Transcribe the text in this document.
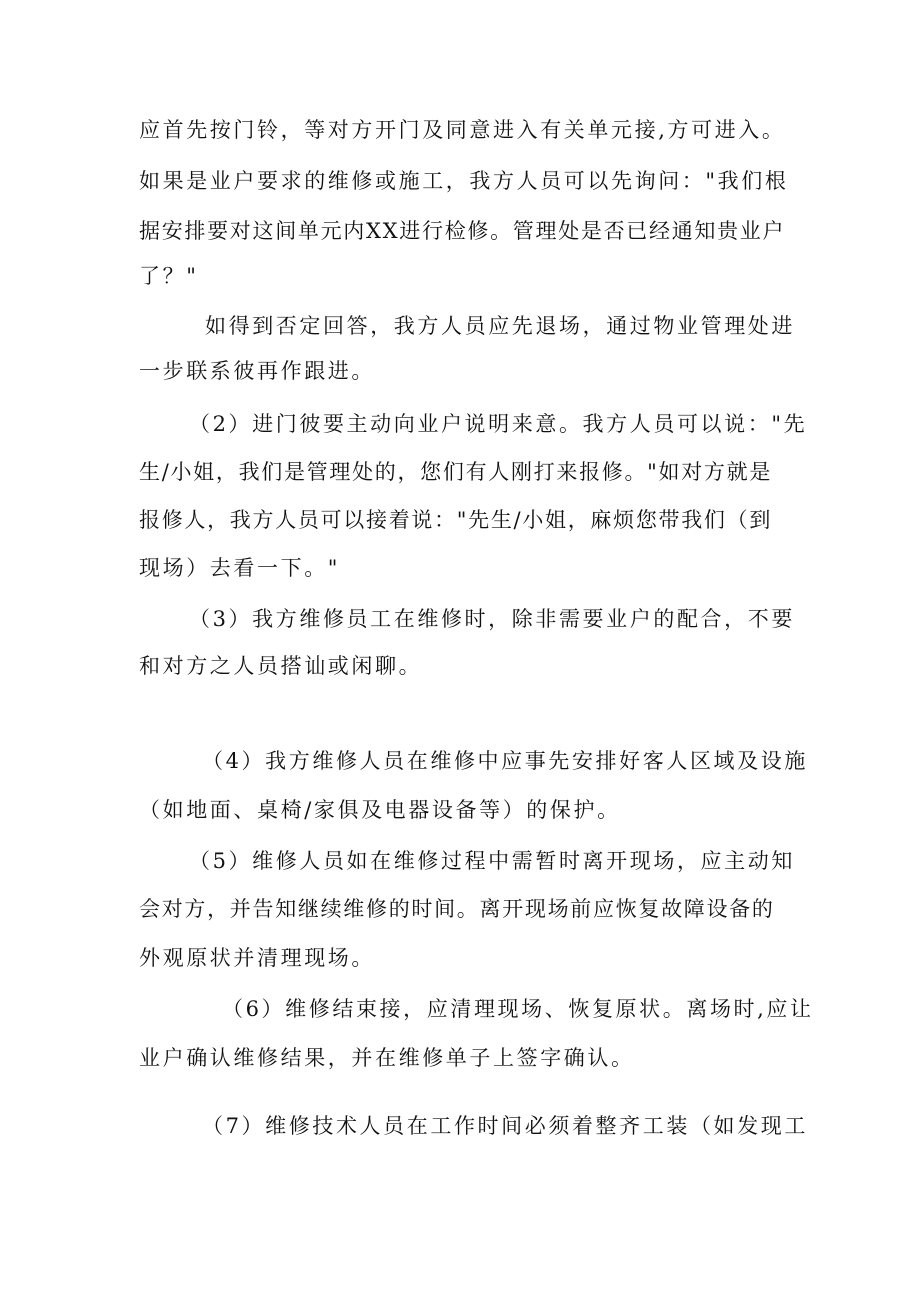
应首先按门铃，等对方开门及同意进入有关单元接,方可进入。
如果是业户要求的维修或施工，我方人员可以先询问："我们根
据安排要对这间单元内XX进行检修。管理处是否已经通知贵业户
了？"
如得到否定回答，我方人员应先退场，通过物业管理处进
一步联系彼再作跟进。
（2）进门彼要主动向业户说明来意。我方人员可以说："先
生/小姐，我们是管理处的，您们有人刚打来报修。"如对方就是
报修人，我方人员可以接着说："先生/小姐，麻烦您带我们（到
现场）去看一下。"
（3）我方维修员工在维修时，除非需要业户的配合，不要
和对方之人员搭讪或闲聊。
（4）我方维修人员在维修中应事先安排好客人区域及设施
（如地面、桌椅/家俱及电器设备等）的保护。
（5）维修人员如在维修过程中需暂时离开现场，应主动知
会对方，并告知继续维修的时间。离开现场前应恢复故障设备的
外观原状并清理现场。
（6）维修结束接，应清理现场、恢复原状。离场时,应让
业户确认维修结果，并在维修单子上签字确认。
（7）维修技术人员在工作时间必须着整齐工装（如发现工
